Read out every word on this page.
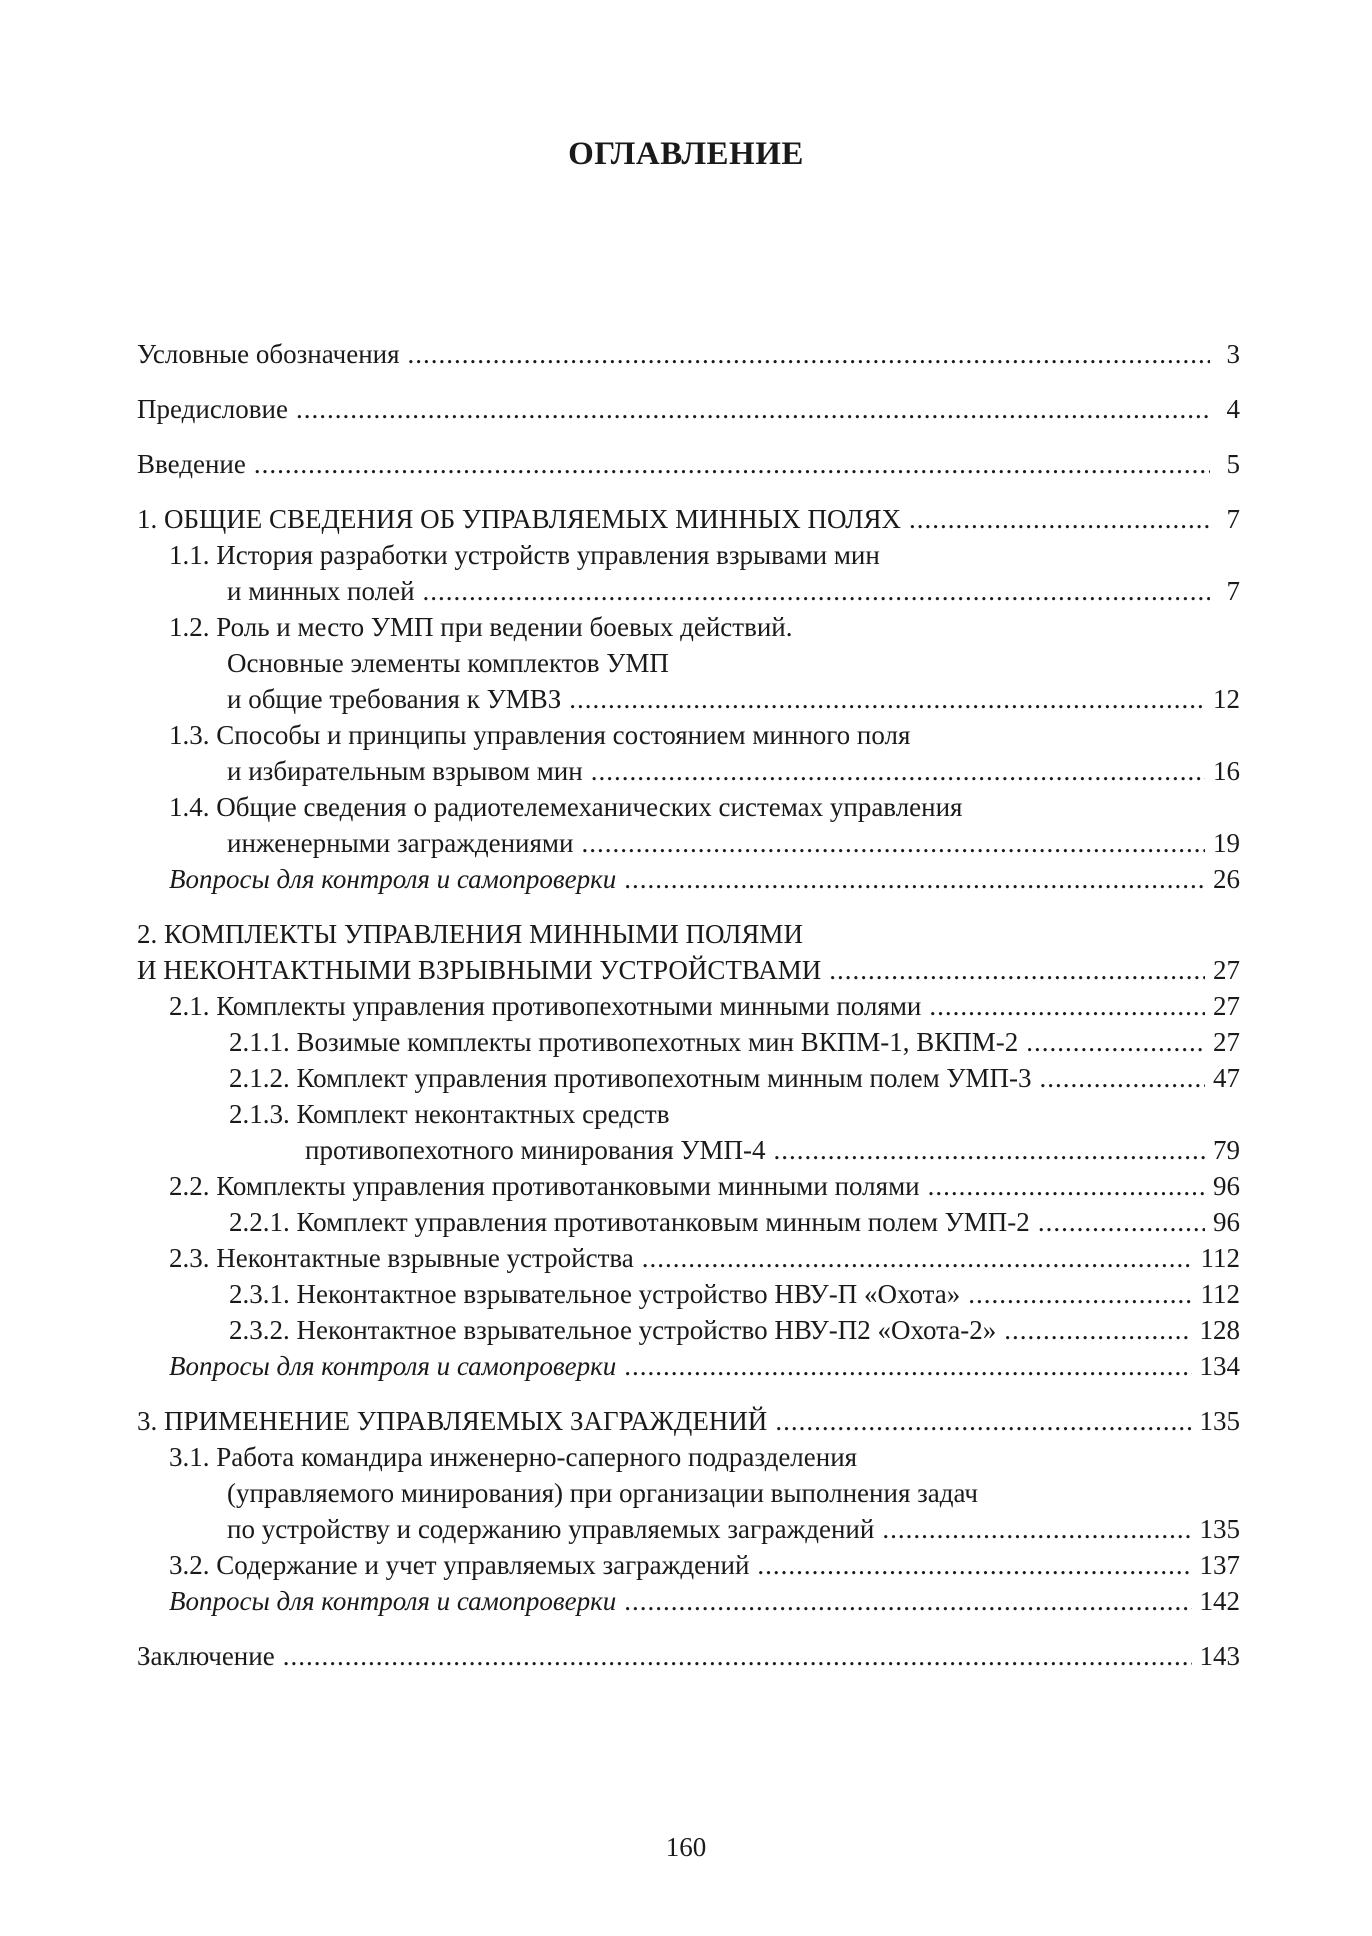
ОГЛАВЛЕНИЕ
Условные обозначения .....	3
Предисловие .....	4
Введение .....	5
1. ОБЩИЕ СВЕДЕНИЯ ОБ УПРАВЛЯЕМЫХ МИННЫХ ПОЛЯХ .....	7
1.1. История разработки устройств управления взрывами мин
и минных полей .....	7
1.2. Роль и место УМП при ведении боевых действий.
Основные элементы комплектов УМП
и общие требования к УМВЗ .....	12
1.3. Способы и принципы управления состоянием минного поля
и избирательным взрывом мин .....	16
1.4. Общие сведения о радиотелемеханических системах управления
инженерными заграждениями .....	19
Вопросы для контроля и самопроверки .....	26
2. КОМПЛЕКТЫ УПРАВЛЕНИЯ МИННЫМИ ПОЛЯМИ
И НЕКОНТАКТНЫМИ ВЗРЫВНЫМИ УСТРОЙСТВАМИ .....	27
2.1. Комплекты управления противопехотными минными полями .....	27
2.1.1. Возимые комплекты противопехотных мин ВКПМ-1, ВКПМ-2 .....	27
2.1.2. Комплект управления противопехотным минным полем УМП-3 .....	47
2.1.3. Комплект неконтактных средств
противопехотного минирования УМП-4 .....	79
2.2. Комплекты управления противотанковыми минными полями .....	96
2.2.1. Комплект управления противотанковым минным полем УМП-2 .....	96
2.3. Неконтактные взрывные устройства .....	112
2.3.1. Неконтактное взрывательное устройство НВУ-П «Охота» .....	112
2.3.2. Неконтактное взрывательное устройство НВУ-П2 «Охота-2» .....	128
Вопросы для контроля и самопроверки .....	134
3. ПРИМЕНЕНИЕ УПРАВЛЯЕМЫХ ЗАГРАЖДЕНИЙ .....	135
3.1. Работа командира инженерно-саперного подразделения
(управляемого минирования) при организации выполнения задач
по устройству и содержанию управляемых заграждений .....	135
3.2. Содержание и учет управляемых заграждений .....	137
Вопросы для контроля и самопроверки .....	142
Заключение .....	143
160
